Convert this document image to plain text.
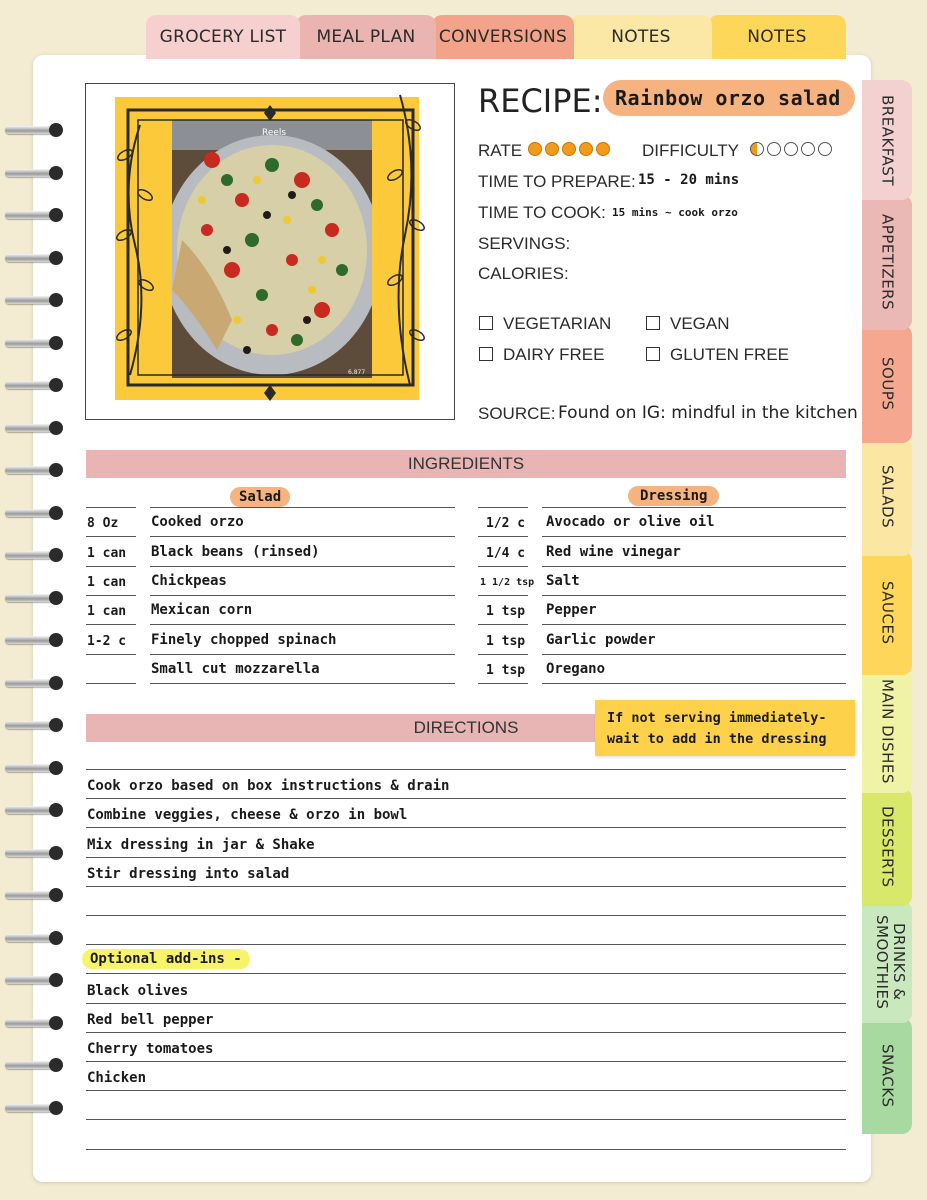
GROCERY LIST MEAL PLAN CONVERSIONS	NOTES	NOTES
BREAKFAST
APPETIZERS
SOUPS
SALADS
SAUCES
MAIN DISHES
DESSERTS
DRINKS & SMOOTHIES
SNACKS
Reels
6,877
RECIPE: Rainbow orzo salad
RATE	DIFFICULTY
TIME TO PREPARE: 15 - 20 mins
TIME TO COOK: 15 mins ~ cook orzo
SERVINGS:
CALORIES:
VEGETARIAN	VEGAN
DAIRY FREE	GLUTEN FREE
SOURCE: Found on IG: mindful in the kitchen
INGREDIENTS
Salad	Dressing
8 Oz Cooked orzo
1 can Black beans (rinsed)
1 can Chickpeas
1 can Mexican corn
1-2 c Finely chopped spinach
Small cut mozzarella
1/2 c Avocado or olive oil
1/4 c Red wine vinegar
1 1/2 tsp Salt
1 tsp Pepper
1 tsp Garlic powder
1 tsp Oregano
DIRECTIONS	If not serving immediately- wait to add in the dressing
Cook orzo based on box instructions & drain
Combine veggies, cheese & orzo in bowl
Mix dressing in jar & Shake
Stir dressing into salad
Optional add-ins -
Black olives
Red bell pepper
Cherry tomatoes
Chicken
